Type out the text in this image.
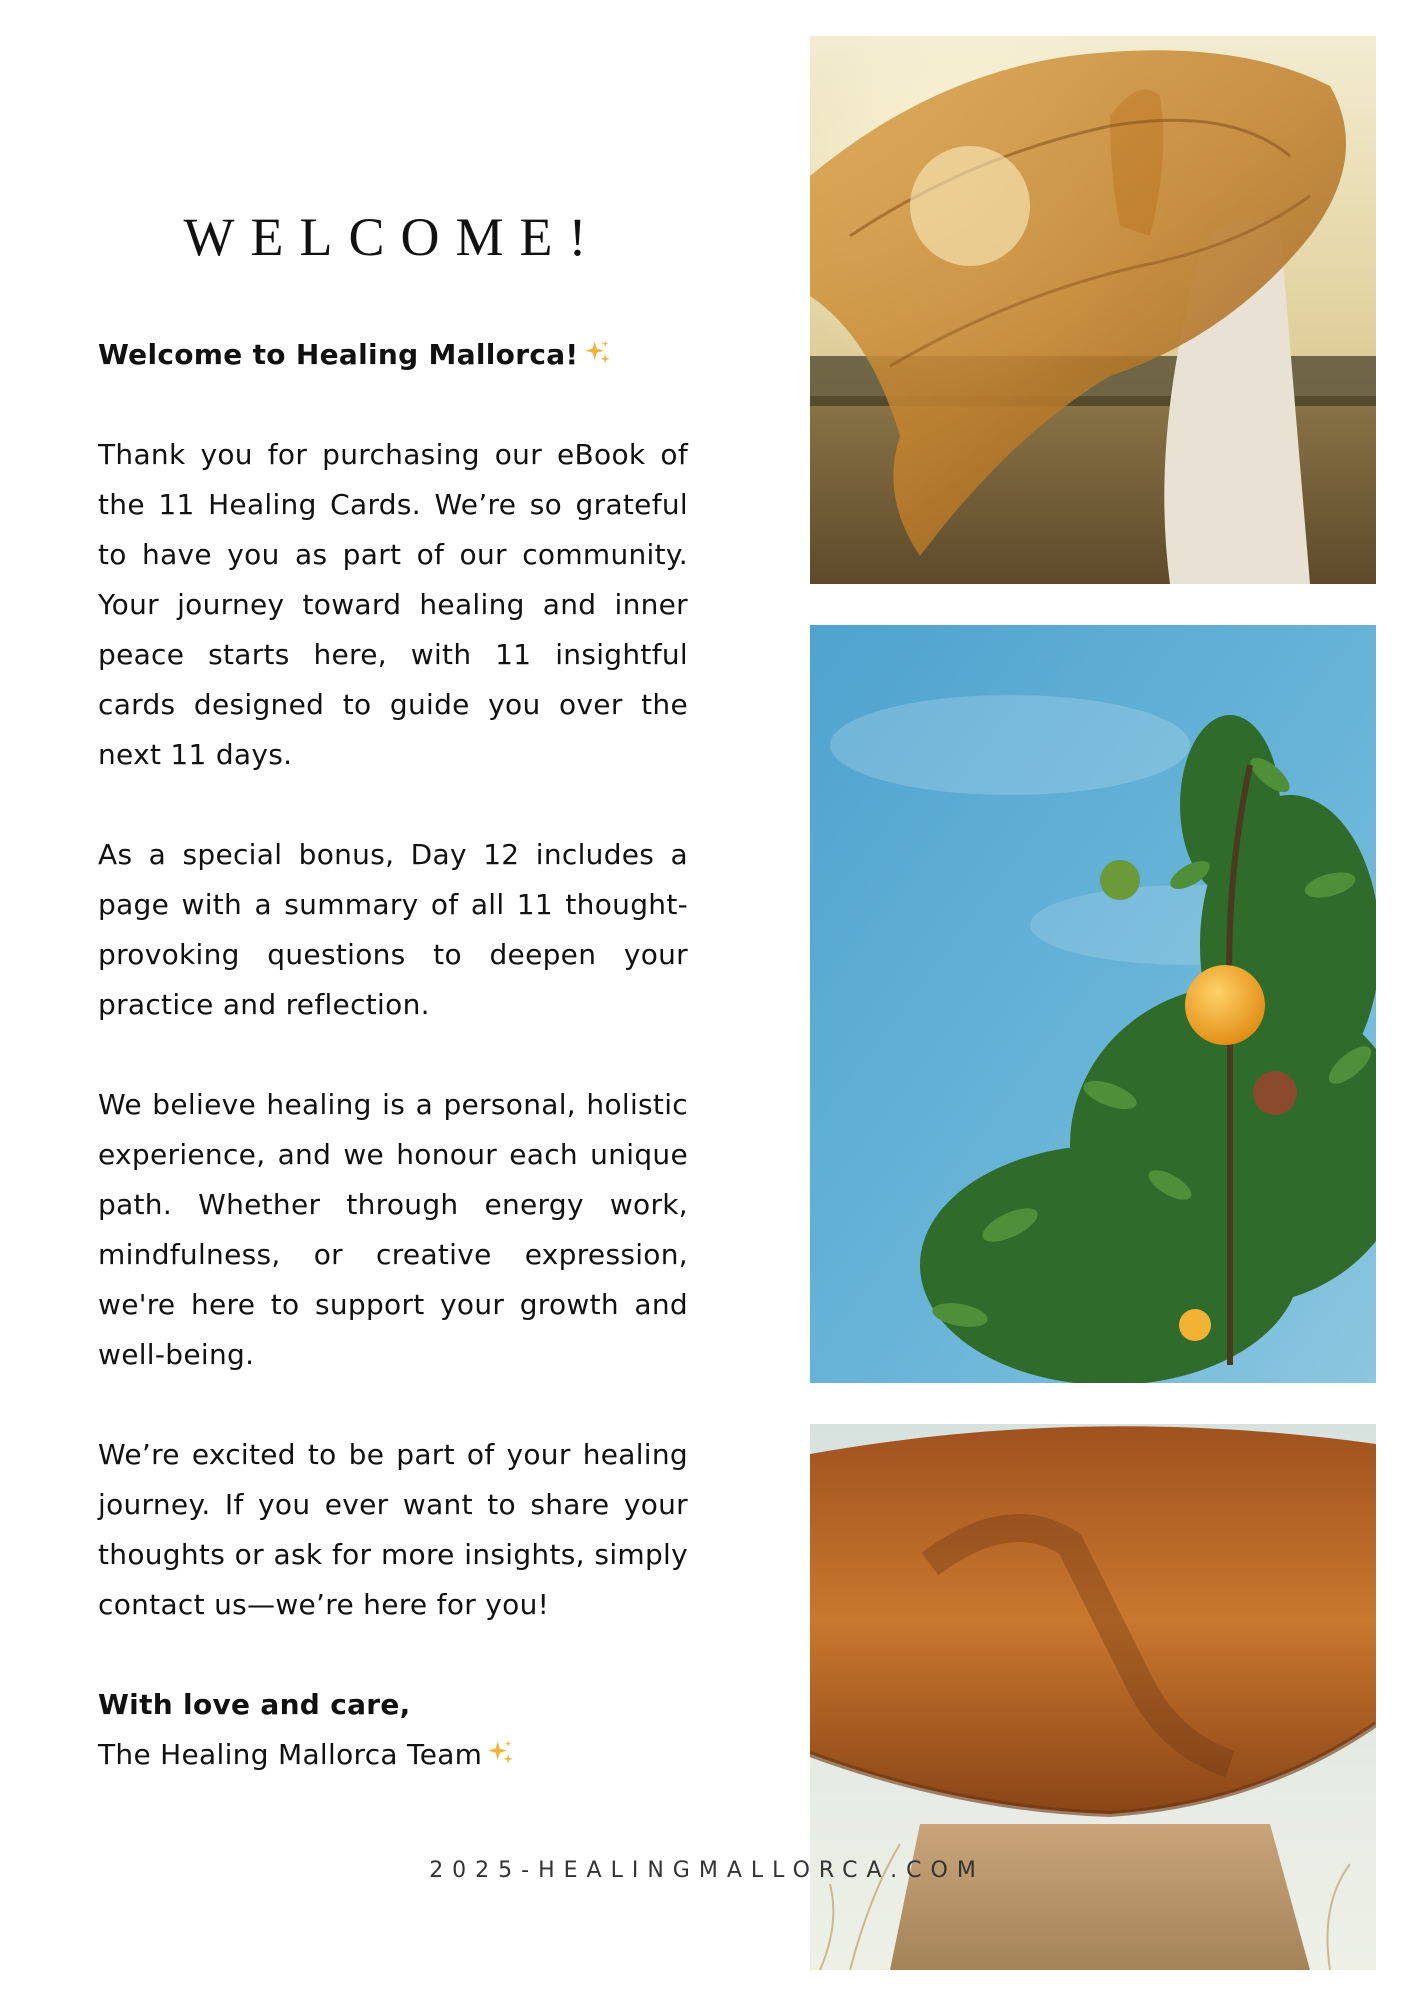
WELCOME!

Welcome to Healing Mallorca!

Thank you for purchasing our eBook of the 11 Healing Cards. We’re so grateful to have you as part of our community. Your journey toward healing and inner peace starts here, with 11 insightful cards designed to guide you over the next 11 days.

As a special bonus, Day 12 includes a page with a summary of all 11 thought-provoking questions to deepen your practice and reflection.

We believe healing is a personal, holistic experience, and we honour each unique path. Whether through energy work, mindfulness, or creative expression, we're here to support your growth and well-being.

We’re excited to be part of your healing journey. If you ever want to share your thoughts or ask for more insights, simply contact us—we’re here for you!

With love and care,

The Healing Mallorca Team

2025-HEALINGMALLORCA.COM
